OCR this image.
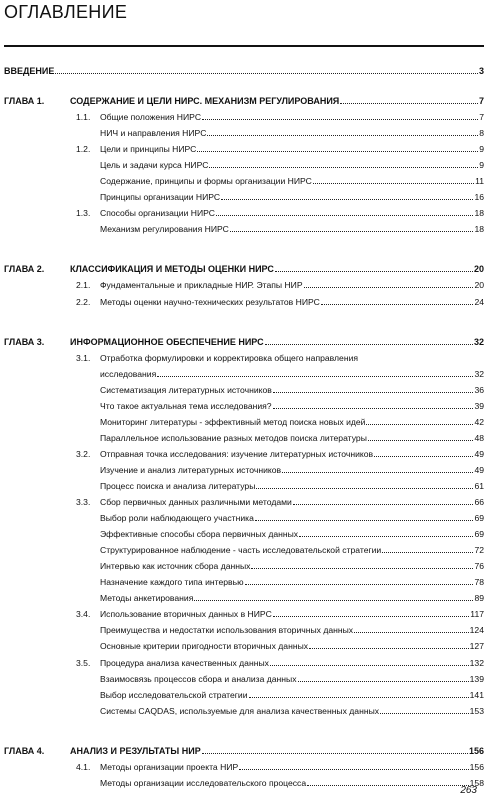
ОГЛАВЛЕНИЕ
ВВЕДЕНИЕ	3
ГЛАВА 1.	СОДЕРЖАНИЕ И ЦЕЛИ НИРС. МЕХАНИЗМ РЕГУЛИРОВАНИЯ	7
1.1. Общие положения НИРС	7
НИЧ и направления НИРС	8
1.2. Цели и принципы НИРС	9
Цель и задачи курса НИРС	9
Содержание, принципы и формы организации НИРС	11
Принципы организации НИРС	16
1.3. Способы организации НИРС	18
Механизм регулирования НИРС	18
ГЛАВА 2.	КЛАССИФИКАЦИЯ И МЕТОДЫ ОЦЕНКИ НИРС	20
2.1. Фундаментальные и прикладные НИР. Этапы НИР	20
2.2. Методы оценки научно-технических результатов НИРС	24
ГЛАВА 3.	ИНФОРМАЦИОННОЕ ОБЕСПЕЧЕНИЕ НИРС	32
3.1. Отработка формулировки и корректировка общего направления
исследования	32
Систематизация литературных источников	36
Что такое актуальная тема исследования?	39
Мониторинг литературы - эффективный метод поиска новых идей	42
Параллельное использование разных методов поиска литературы	48
3.2. Отправная точка исследования: изучение литературных источников	49
Изучение и анализ литературных источников	49
Процесс поиска и анализа литературы	61
3.3. Сбор первичных данных различными методами	66
Выбор роли наблюдающего участника	69
Эффективные способы сбора первичных данных	69
Структурированное наблюдение - часть исследовательской стратегии	72
Интервью как источник сбора данных	76
Назначение каждого типа интервью	78
Методы анкетирования	89
3.4. Использование вторичных данных в НИРС	117
Преимущества и недостатки использования вторичных данных	124
Основные критерии пригодности вторичных данных	127
3.5. Процедура анализа качественных данных	132
Взаимосвязь процессов сбора и анализа данных	139
Выбор исследовательской стратегии	141
Системы CAQDAS, используемые для анализа качественных данных	153
ГЛАВА 4.	АНАЛИЗ И РЕЗУЛЬТАТЫ НИР	156
4.1. Методы организации проекта НИР	156
Методы организации исследовательского процесса	158
263
